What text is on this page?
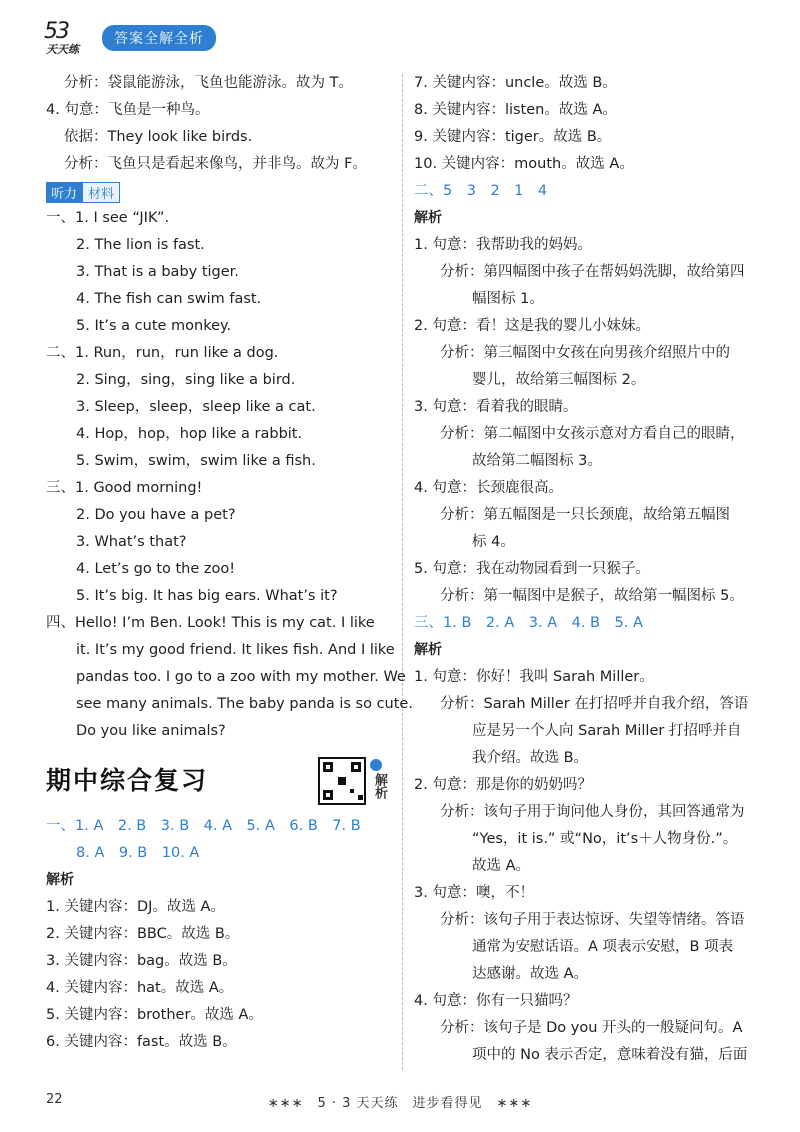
53
天天练
答案全解全析
分析：袋鼠能游泳，飞鱼也能游泳。故为 T。
4. 句意：飞鱼是一种鸟。
依据：They look like birds.
分析：飞鱼只是看起来像鸟，并非鸟。故为 F。
听力 材料
一、1. I see “JIK”.
2. The lion is fast.
3. That is a baby tiger.
4. The fish can swim fast.
5. It’s a cute monkey.
二、1. Run，run，run like a dog.
2. Sing，sing，sing like a bird.
3. Sleep，sleep，sleep like a cat.
4. Hop，hop，hop like a rabbit.
5. Swim，swim，swim like a fish.
三、1. Good morning!
2. Do you have a pet?
3. What’s that?
4. Let’s go to the zoo!
5. It’s big. It has big ears. What’s it?
四、Hello! I’m Ben. Look! This is my cat. I like
it. It’s my good friend. It likes fish. And I like
pandas too. I go to a zoo with my mother. We
see many animals. The baby panda is so cute.
Do you like animals?
期中综合复习	解析
一、1. A　2. B　3. B　4. A　5. A　6. B　7. B
8. A　9. B　10. A
解析
1. 关键内容：DJ。故选 A。
2. 关键内容：BBC。故选 B。
3. 关键内容：bag。故选 B。
4. 关键内容：hat。故选 A。
5. 关键内容：brother。故选 A。
6. 关键内容：fast。故选 B。
7. 关键内容：uncle。故选 B。
8. 关键内容：listen。故选 A。
9. 关键内容：tiger。故选 B。
10. 关键内容：mouth。故选 A。
二、5　3　2　1　4
解析
1. 句意：我帮助我的妈妈。
分析：第四幅图中孩子在帮妈妈洗脚，故给第四
幅图标 1。
2. 句意：看！这是我的婴儿小妹妹。
分析：第三幅图中女孩在向男孩介绍照片中的
婴儿，故给第三幅图标 2。
3. 句意：看着我的眼睛。
分析：第二幅图中女孩示意对方看自己的眼睛，
故给第二幅图标 3。
4. 句意：长颈鹿很高。
分析：第五幅图是一只长颈鹿，故给第五幅图
标 4。
5. 句意：我在动物园看到一只猴子。
分析：第一幅图中是猴子，故给第一幅图标 5。
三、1. B　2. A　3. A　4. B　5. A
解析
1. 句意：你好！我叫 Sarah Miller。
分析：Sarah Miller 在打招呼并自我介绍，答语
应是另一个人向 Sarah Miller 打招呼并自
我介绍。故选 B。
2. 句意：那是你的奶奶吗？
分析：该句子用于询问他人身份，其回答通常为
“Yes，it is.” 或“No，it’s＋人物身份.”。
故选 A。
3. 句意：噢，不！
分析：该句子用于表达惊讶、失望等情绪。答语
通常为安慰话语。A 项表示安慰，B 项表
达感谢。故选 A。
4. 句意：你有一只猫吗？
分析：该句子是 Do you 开头的一般疑问句。A
项中的 No 表示否定，意味着没有猫，后面
22	∗∗∗　5 · 3 天天练　进步看得见　∗∗∗
